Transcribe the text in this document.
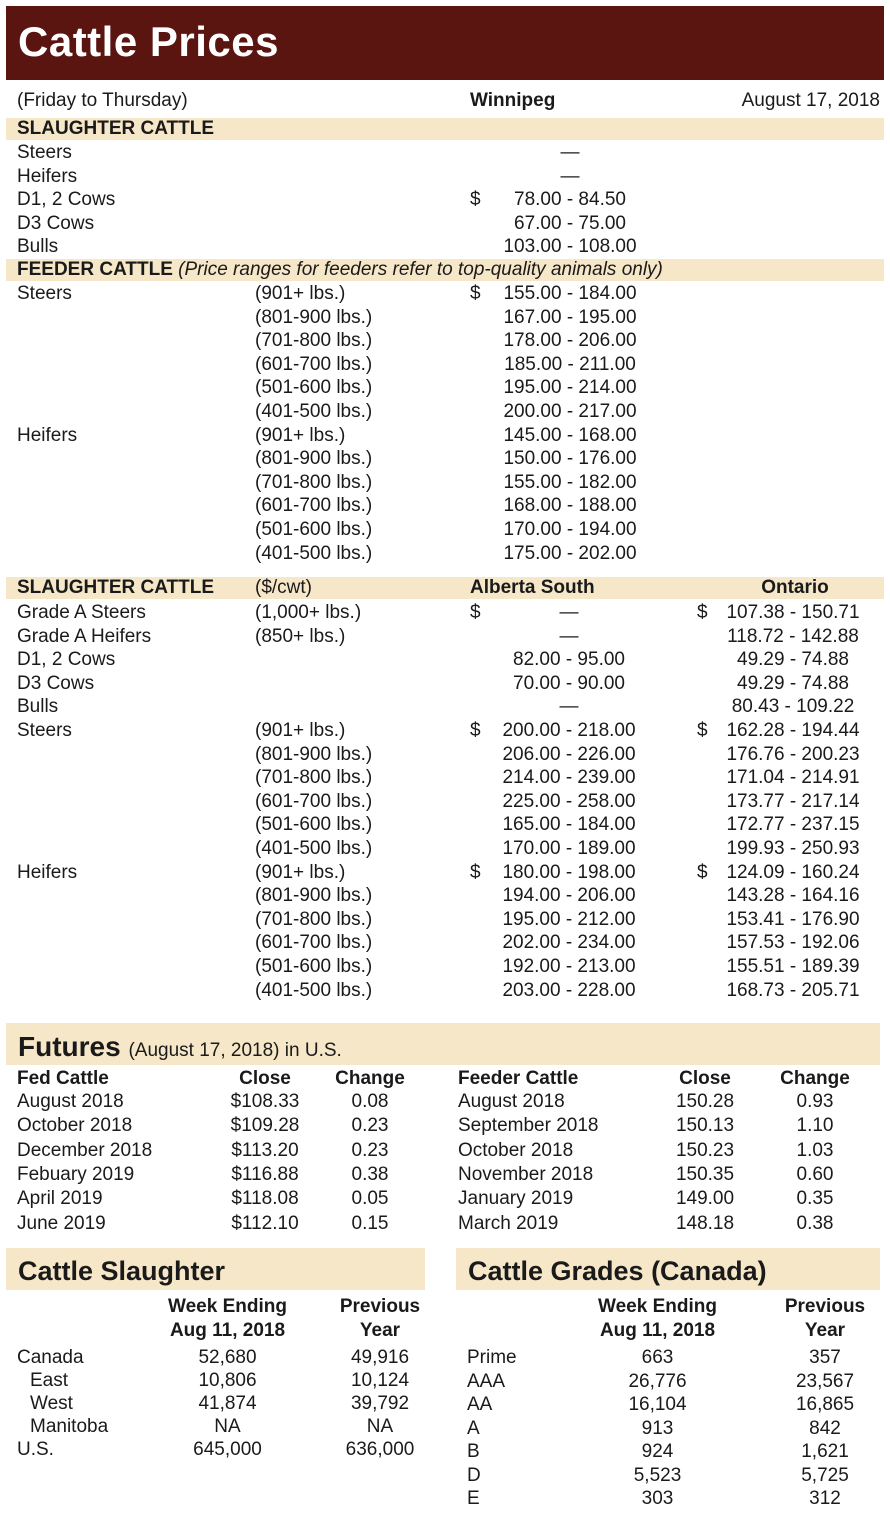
Cattle Prices
(Friday to Thursday)	Winnipeg	August 17, 2018
SLAUGHTER CATTLE
Steers	—
Heifers	—
D1, 2 Cows	$	78.00 - 84.50
D3 Cows	67.00 - 75.00
Bulls	103.00 - 108.00
FEEDER CATTLE (Price ranges for feeders refer to top-quality animals only)
Steers	(901+ lbs.)	$	155.00 - 184.00
(801-900 lbs.)	167.00 - 195.00
(701-800 lbs.)	178.00 - 206.00
(601-700 lbs.)	185.00 - 211.00
(501-600 lbs.)	195.00 - 214.00
(401-500 lbs.)	200.00 - 217.00
Heifers	(901+ lbs.)	145.00 - 168.00
(801-900 lbs.)	150.00 - 176.00
(701-800 lbs.)	155.00 - 182.00
(601-700 lbs.)	168.00 - 188.00
(501-600 lbs.)	170.00 - 194.00
(401-500 lbs.)	175.00 - 202.00
SLAUGHTER CATTLE ($/cwt)	Alberta South	Ontario
Grade A Steers	(1,000+ lbs.)	$	—	$ 107.38 - 150.71
Grade A Heifers	(850+ lbs.)	—	118.72 - 142.88
D1, 2 Cows	82.00 - 95.00	49.29 - 74.88
D3 Cows	70.00 - 90.00	49.29 - 74.88
Bulls	—	80.43 - 109.22
Steers	(901+ lbs.)	$	200.00 - 218.00	$ 162.28 - 194.44
(801-900 lbs.)	206.00 - 226.00	176.76 - 200.23
(701-800 lbs.)	214.00 - 239.00	171.04 - 214.91
(601-700 lbs.)	225.00 - 258.00	173.77 - 217.14
(501-600 lbs.)	165.00 - 184.00	172.77 - 237.15
(401-500 lbs.)	170.00 - 189.00	199.93 - 250.93
Heifers	(901+ lbs.)	$	180.00 - 198.00	$ 124.09 - 160.24
(801-900 lbs.)	194.00 - 206.00	143.28 - 164.16
(701-800 lbs.)	195.00 - 212.00	153.41 - 176.90
(601-700 lbs.)	202.00 - 234.00	157.53 - 192.06
(501-600 lbs.)	192.00 - 213.00	155.51 - 189.39
(401-500 lbs.)	203.00 - 228.00	168.73 - 205.71
Futures (August 17, 2018) in U.S.
Fed Cattle	Close	Change
August 2018	$108.33	0.08
October 2018	$109.28	0.23
December 2018	$113.20	0.23
Febuary 2019	$116.88	0.38
April 2019	$118.08	0.05
June 2019	$112.10	0.15
Feeder Cattle	Close	Change
August 2018	150.28	0.93
September 2018	150.13	1.10
October 2018	150.23	1.03
November 2018	150.35	0.60
January 2019	149.00	0.35
March 2019	148.18	0.38
Cattle Slaughter	Cattle Grades (Canada)
Week Ending
Aug 11, 2018
Previous
Year
Canada	52,680	49,916
East	10,806	10,124
West	41,874	39,792
Manitoba	NA	NA
U.S.	645,000	636,000
Week Ending
Aug 11, 2018
Previous
Year
Prime	663	357
AAA	26,776	23,567
AA	16,104	16,865
A	913	842
B	924	1,621
D	5,523	5,725
E	303	312
